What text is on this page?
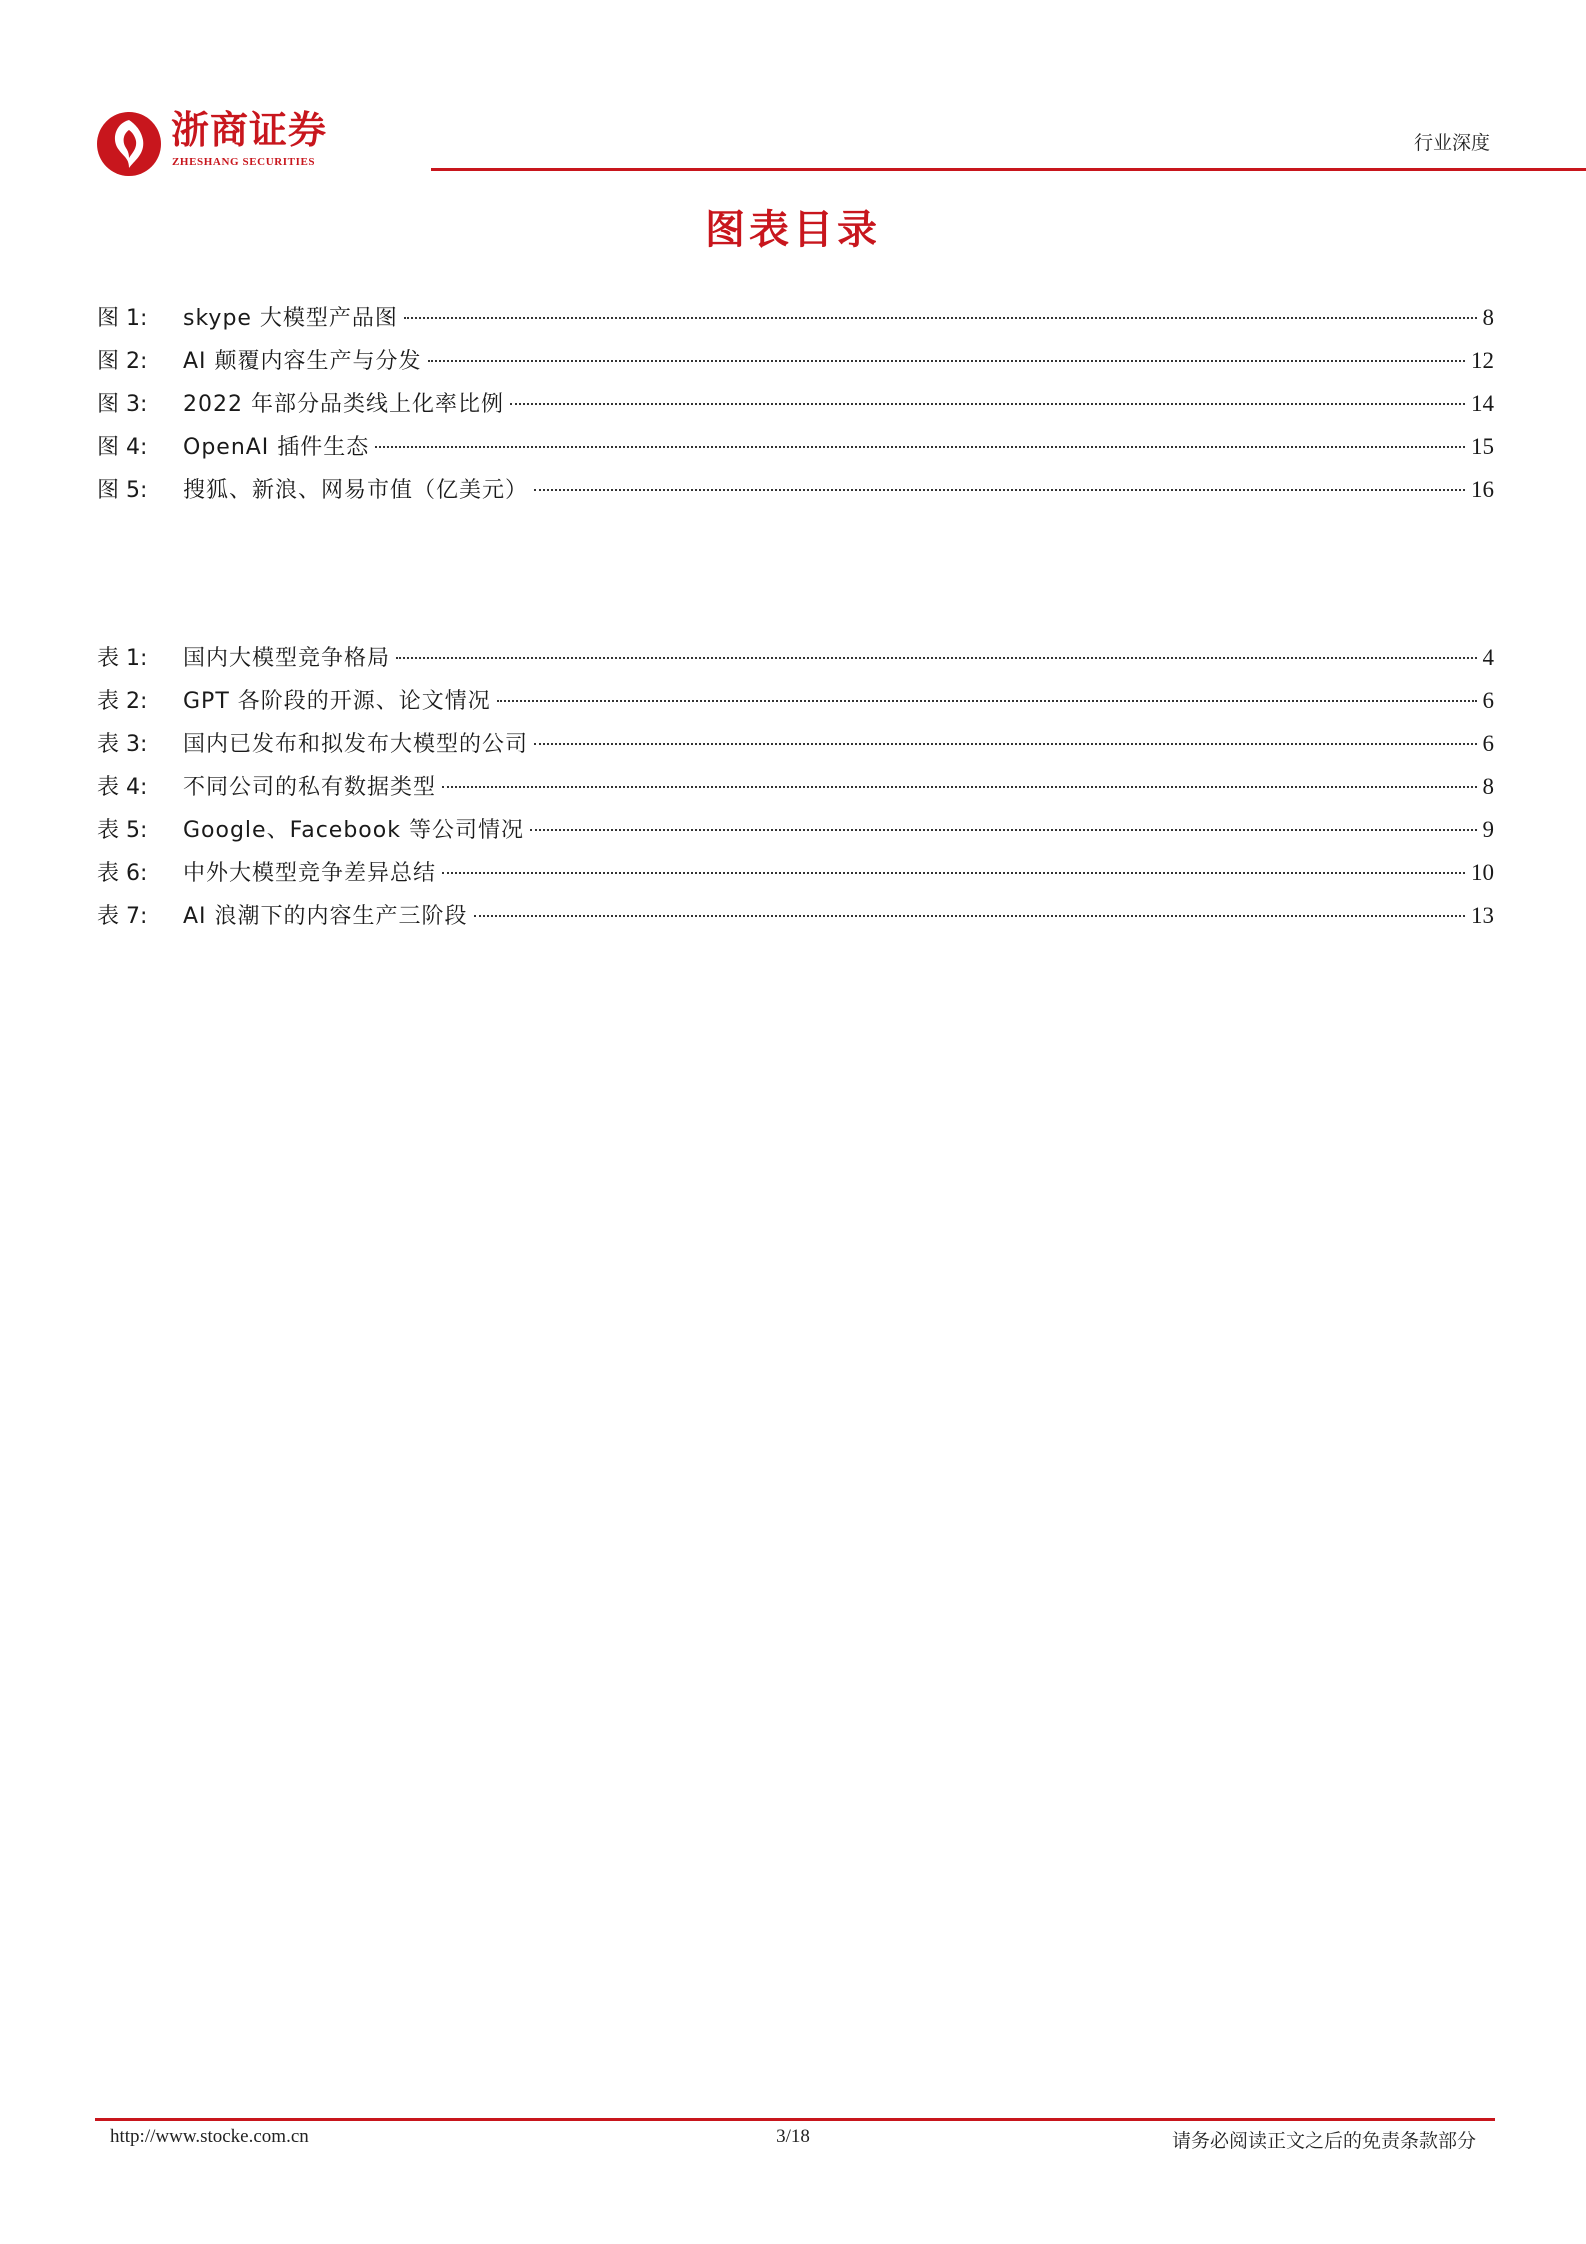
浙商证券
ZHESHANG SECURITIES
行业深度
图表目录
图 1:	skype 大模型产品图	8
图 2:	AI 颠覆内容生产与分发	12
图 3:	2022 年部分品类线上化率比例	14
图 4:	OpenAI 插件生态	15
图 5:	搜狐、新浪、网易市值（亿美元）	16
表 1:	国内大模型竞争格局	4
表 2:	GPT 各阶段的开源、论文情况	6
表 3:	国内已发布和拟发布大模型的公司	6
表 4:	不同公司的私有数据类型	8
表 5:	Google、Facebook 等公司情况	9
表 6:	中外大模型竞争差异总结	10
表 7:	AI 浪潮下的内容生产三阶段	13
http://www.stocke.com.cn	3/18	请务必阅读正文之后的免责条款部分
